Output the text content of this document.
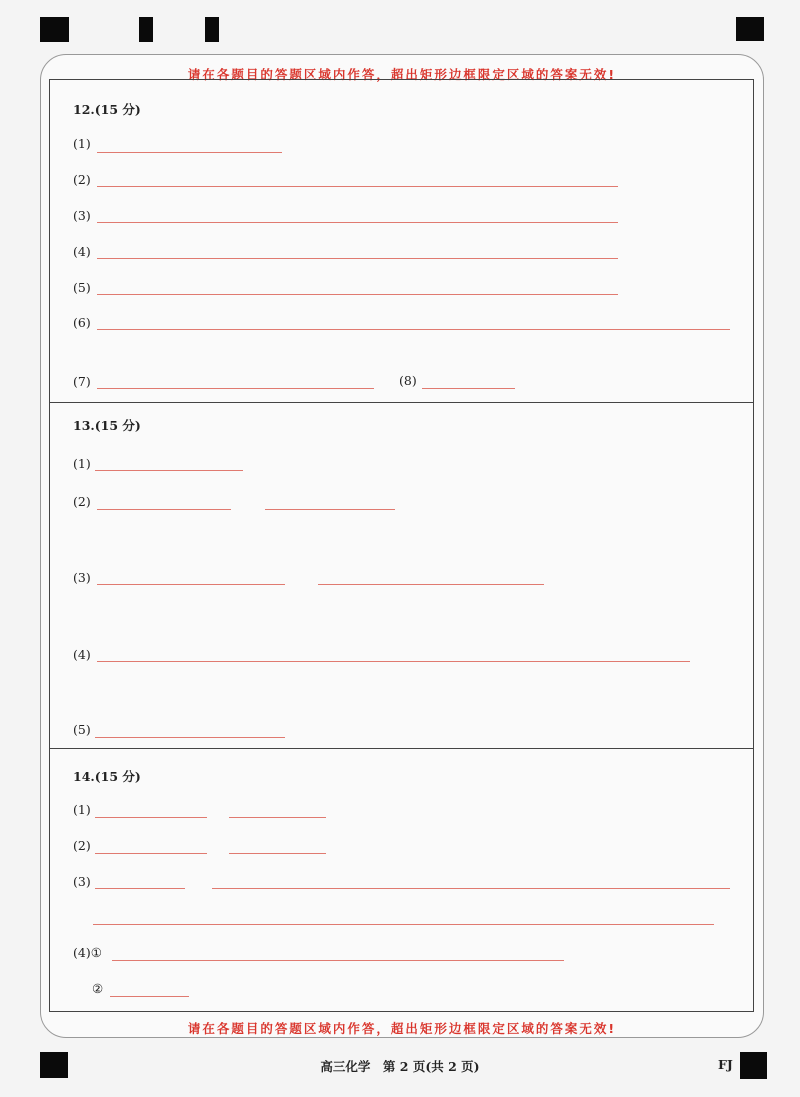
请在各题目的答题区域内作答，超出矩形边框限定区域的答案无效!
请在各题目的答题区域内作答，超出矩形边框限定区域的答案无效!
12.(15 分)
(1)
(2)
(3)
(4)
(5)
(6)
(7)	(8)
13.(15 分)
(1)
(2)
(3)
(4)
(5)
14.(15 分)
(1)
(2)
(3)
(4)①
②
高三化学　第 2 页(共 2 页)	FJ
